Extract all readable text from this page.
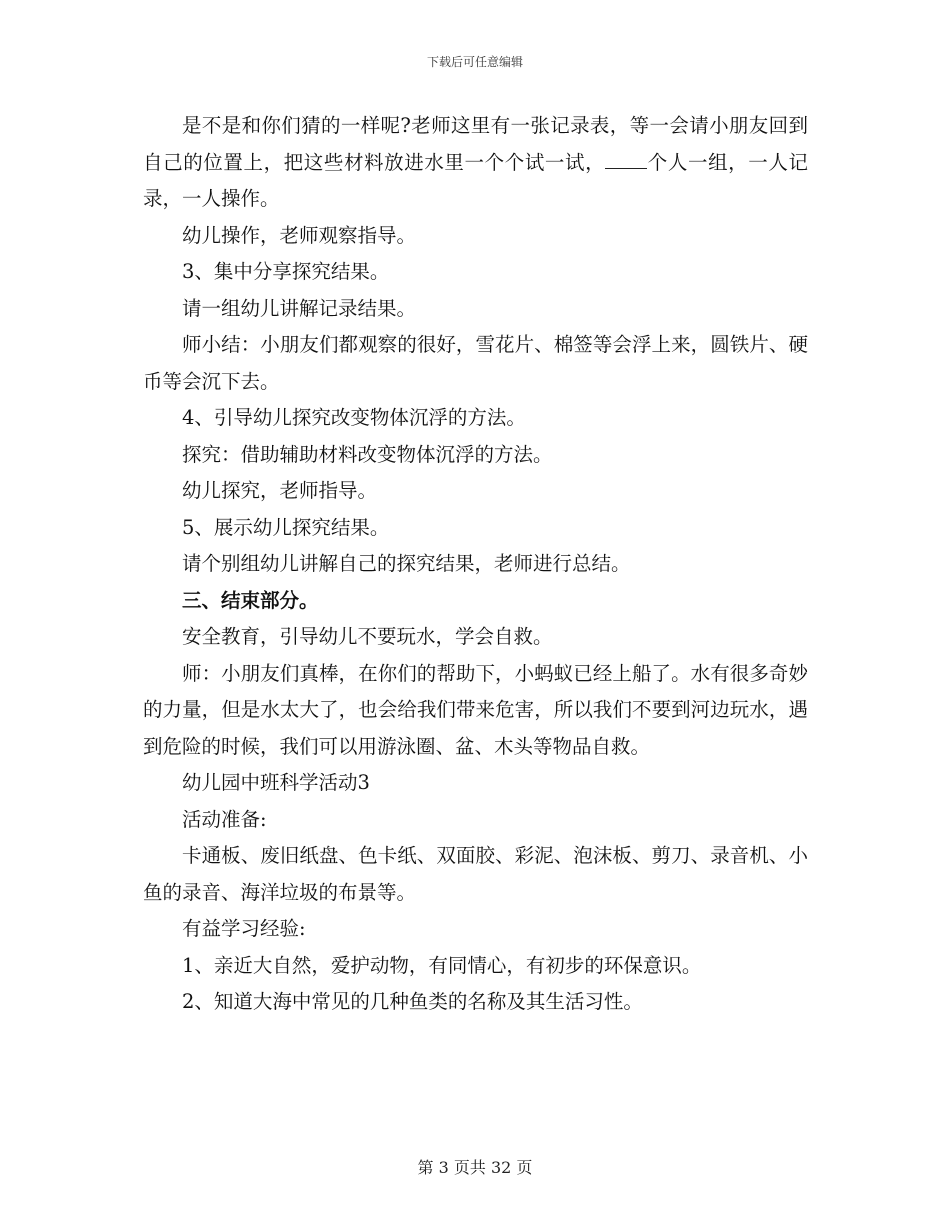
下载后可任意编辑

是不是和你们猜的一样呢?老师这里有一张记录表，等一会请小朋友回到自己的位置上，把这些材料放进水里一个个试一试， 个人一组，一人记录，一人操作。

幼儿操作，老师观察指导。

3、集中分享探究结果。

请一组幼儿讲解记录结果。

师小结：小朋友们都观察的很好，雪花片、棉签等会浮上来，圆铁片、硬币等会沉下去。

4、引导幼儿探究改变物体沉浮的方法。

探究：借助辅助材料改变物体沉浮的方法。

幼儿探究，老师指导。

5、展示幼儿探究结果。

请个别组幼儿讲解自己的探究结果，老师进行总结。

三、结束部分。

安全教育，引导幼儿不要玩水，学会自救。

师：小朋友们真棒，在你们的帮助下，小蚂蚁已经上船了。水有很多奇妙的力量，但是水太大了，也会给我们带来危害，所以我们不要到河边玩水，遇到危险的时候，我们可以用游泳圈、盆、木头等物品自救。

幼儿园中班科学活动3

活动准备:

卡通板、废旧纸盘、色卡纸、双面胶、彩泥、泡沫板、剪刀、录音机、小鱼的录音、海洋垃圾的布景等。

有益学习经验:

1、亲近大自然，爱护动物，有同情心，有初步的环保意识。

2、知道大海中常见的几种鱼类的名称及其生活习性。

第 3 页共 32 页
